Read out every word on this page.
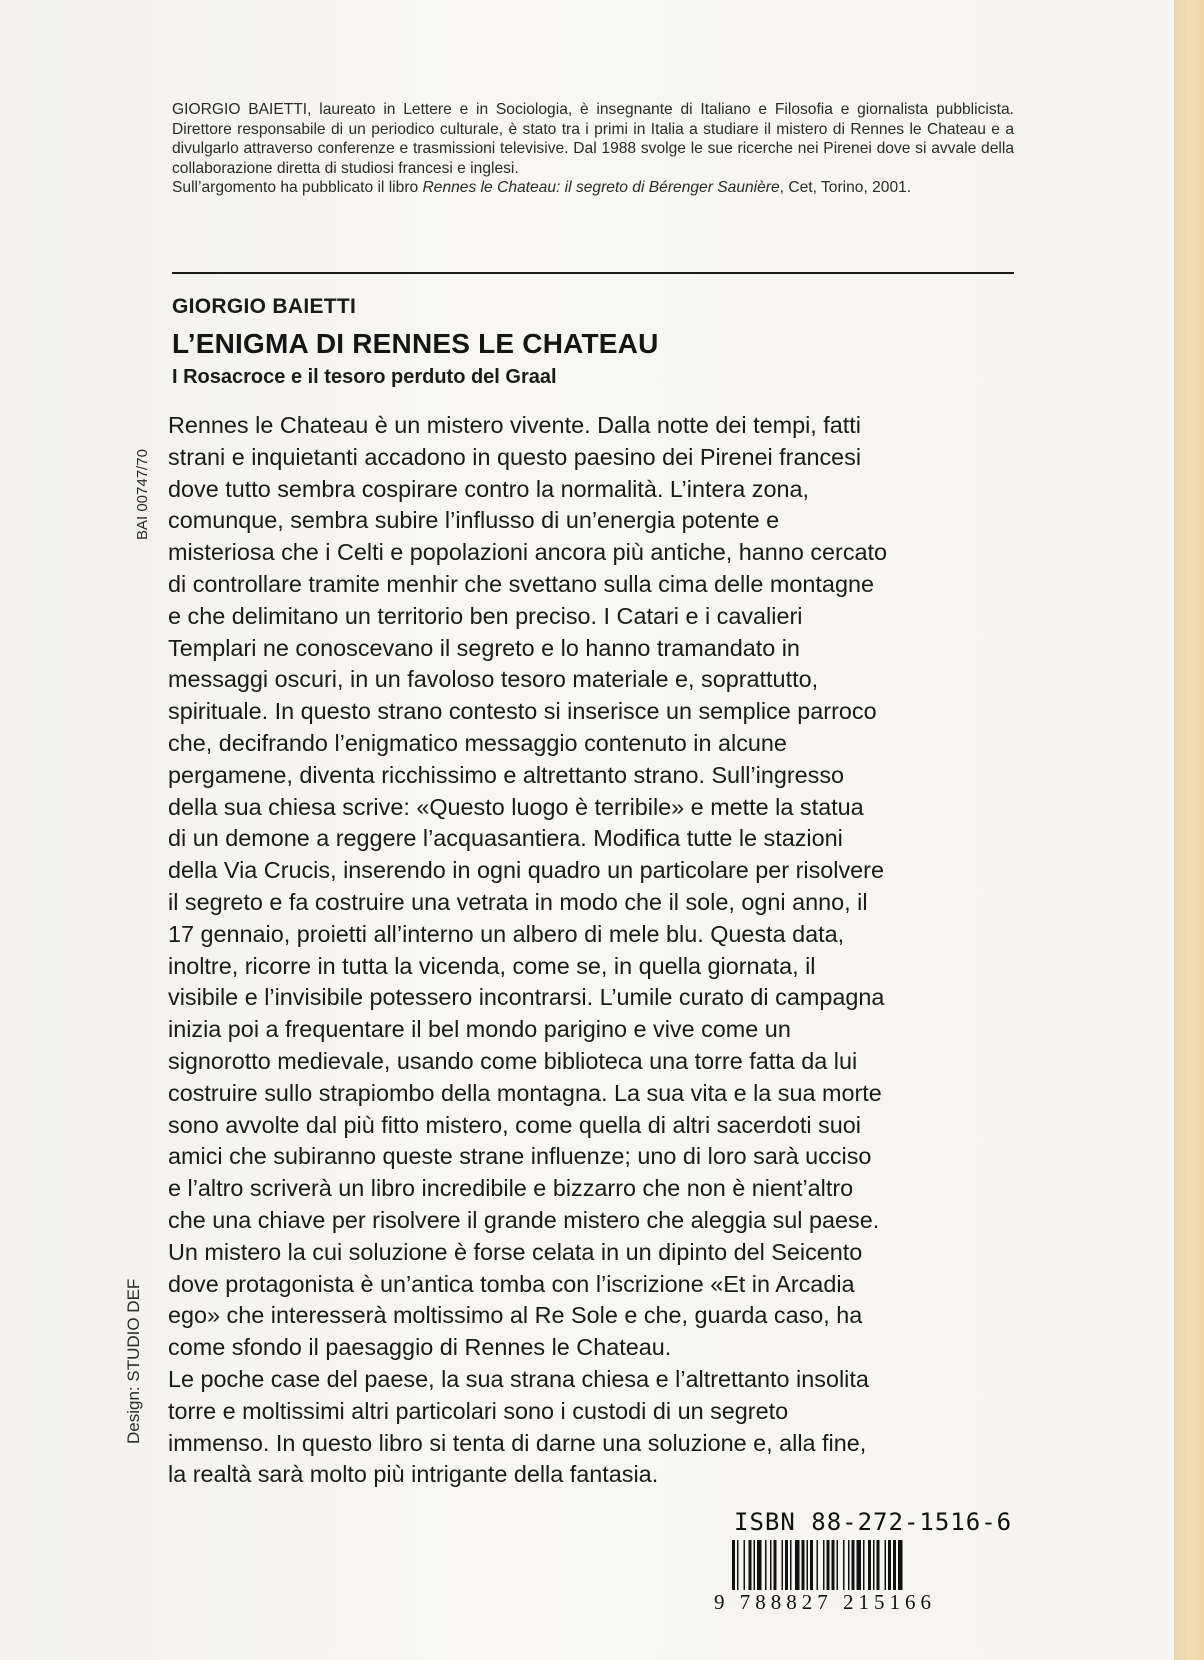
GIORGIO BAIETTI, laureato in Lettere e in Sociologia, è insegnante di Italiano e Filosofia e giornalista pubblicista. Direttore responsabile di un periodico culturale, è stato tra i primi in Italia a studiare il mistero di Rennes le Chateau e a divulgarlo attraverso conferenze e trasmissioni televisive. Dal 1988 svolge le sue ricerche nei Pirenei dove si avvale della collaborazione diretta di studiosi francesi e inglesi.

Sull’argomento ha pubblicato il libro Rennes le Chateau: il segreto di Bérenger Saunière, Cet, Torino, 2001.

GIORGIO BAIETTI
L’ENIGMA DI RENNES LE CHATEAU
I Rosacroce e il tesoro perduto del Graal
BAI 00747/70
Rennes le Chateau è un mistero vivente. Dalla notte dei tempi, fatti
strani e inquietanti accadono in questo paesino dei Pirenei francesi
dove tutto sembra cospirare contro la normalità. L’intera zona,
comunque, sembra subire l’influsso di un’energia potente e
misteriosa che i Celti e popolazioni ancora più antiche, hanno cercato
di controllare tramite menhir che svettano sulla cima delle montagne
e che delimitano un territorio ben preciso. I Catari e i cavalieri
Templari ne conoscevano il segreto e lo hanno tramandato in
messaggi oscuri, in un favoloso tesoro materiale e, soprattutto,
spirituale. In questo strano contesto si inserisce un semplice parroco
che, decifrando l’enigmatico messaggio contenuto in alcune
pergamene, diventa ricchissimo e altrettanto strano. Sull’ingresso
della sua chiesa scrive: «Questo luogo è terribile» e mette la statua
di un demone a reggere l’acquasantiera. Modifica tutte le stazioni
della Via Crucis, inserendo in ogni quadro un particolare per risolvere
il segreto e fa costruire una vetrata in modo che il sole, ogni anno, il
17 gennaio, proietti all’interno un albero di mele blu. Questa data,
inoltre, ricorre in tutta la vicenda, come se, in quella giornata, il
visibile e l’invisibile potessero incontrarsi. L’umile curato di campagna
inizia poi a frequentare il bel mondo parigino e vive come un
signorotto medievale, usando come biblioteca una torre fatta da lui
costruire sullo strapiombo della montagna. La sua vita e la sua morte
sono avvolte dal più fitto mistero, come quella di altri sacerdoti suoi
amici che subiranno queste strane influenze; uno di loro sarà ucciso
e l’altro scriverà un libro incredibile e bizzarro che non è nient’altro
che una chiave per risolvere il grande mistero che aleggia sul paese.
Un mistero la cui soluzione è forse celata in un dipinto del Seicento
dove protagonista è un’antica tomba con l’iscrizione «Et in Arcadia
ego» che interesserà moltissimo al Re Sole e che, guarda caso, ha
come sfondo il paesaggio di Rennes le Chateau.
Le poche case del paese, la sua strana chiesa e l’altrettanto insolita
torre e moltissimi altri particolari sono i custodi di un segreto
immenso. In questo libro si tenta di darne una soluzione e, alla fine,
la realtà sarà molto più intrigante della fantasia.
Design: STUDIO DEF
ISBN 88-272-1516-6
9 788827 215166
